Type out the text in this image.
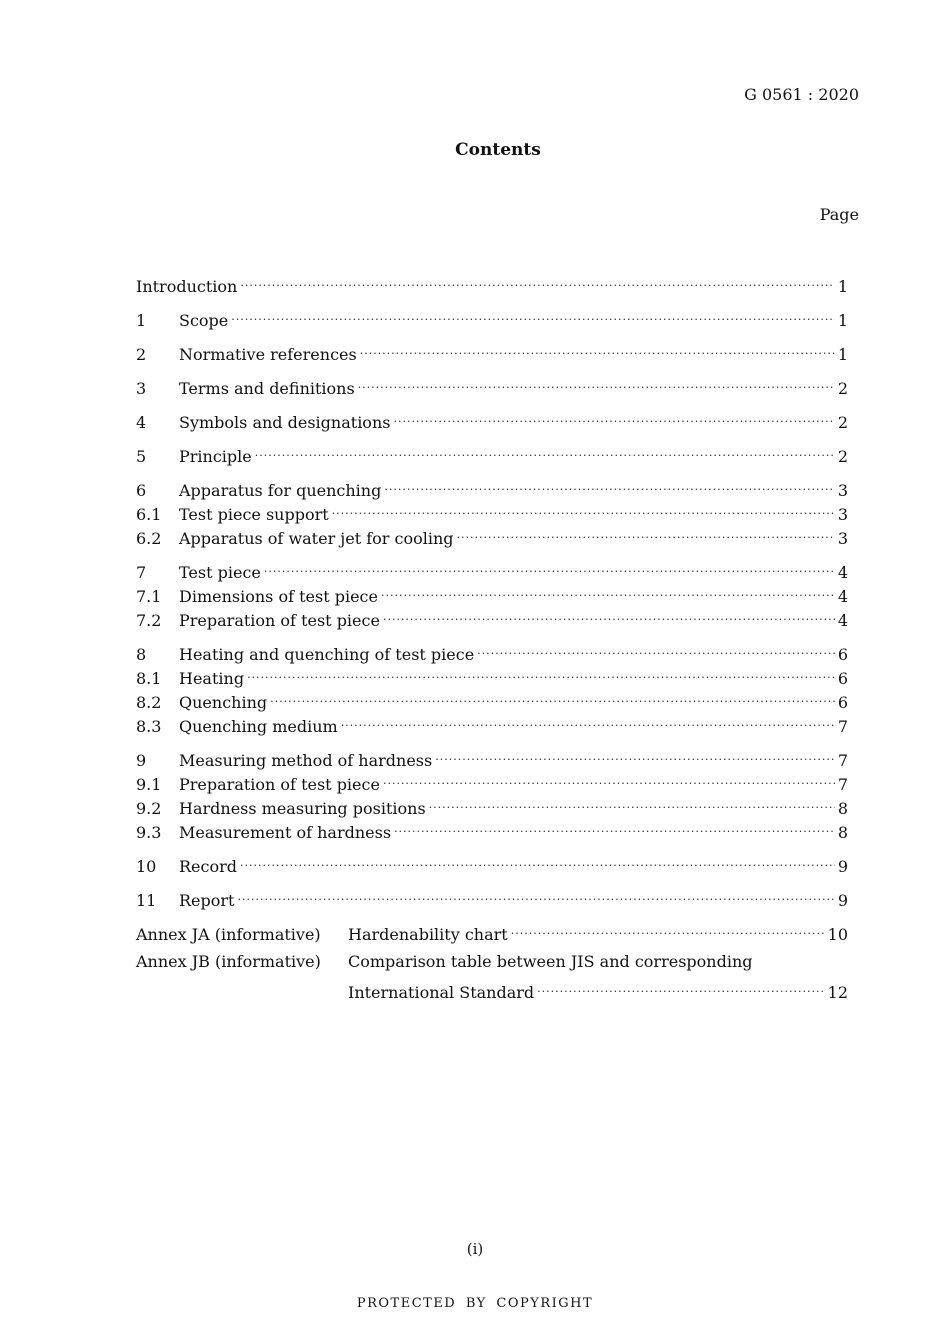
G 0561 : 2020
Contents
Page
Introduction .....	1
1	Scope .....	1
2	Normative references .....	1
3	Terms and definitions .....	2
4	Symbols and designations .....	2
5	Principle .....	2
6	Apparatus for quenching .....	3
6.1	Test piece support .....	3
6.2	Apparatus of water jet for cooling .....	3
7	Test piece .....	4
7.1	Dimensions of test piece .....	4
7.2	Preparation of test piece .....	4
8	Heating and quenching of test piece .....	6
8.1	Heating .....	6
8.2	Quenching .....	6
8.3	Quenching medium .....	7
9	Measuring method of hardness .....	7
9.1	Preparation of test piece .....	7
9.2	Hardness measuring positions .....	8
9.3	Measurement of hardness .....	8
10	Record .....	9
11	Report .....	9
Annex JA (informative)	Hardenability chart .....	10
Annex JB (informative)	Comparison table between JIS and corresponding
International Standard .....	12
(i)
PROTECTED BY COPYRIGHT
